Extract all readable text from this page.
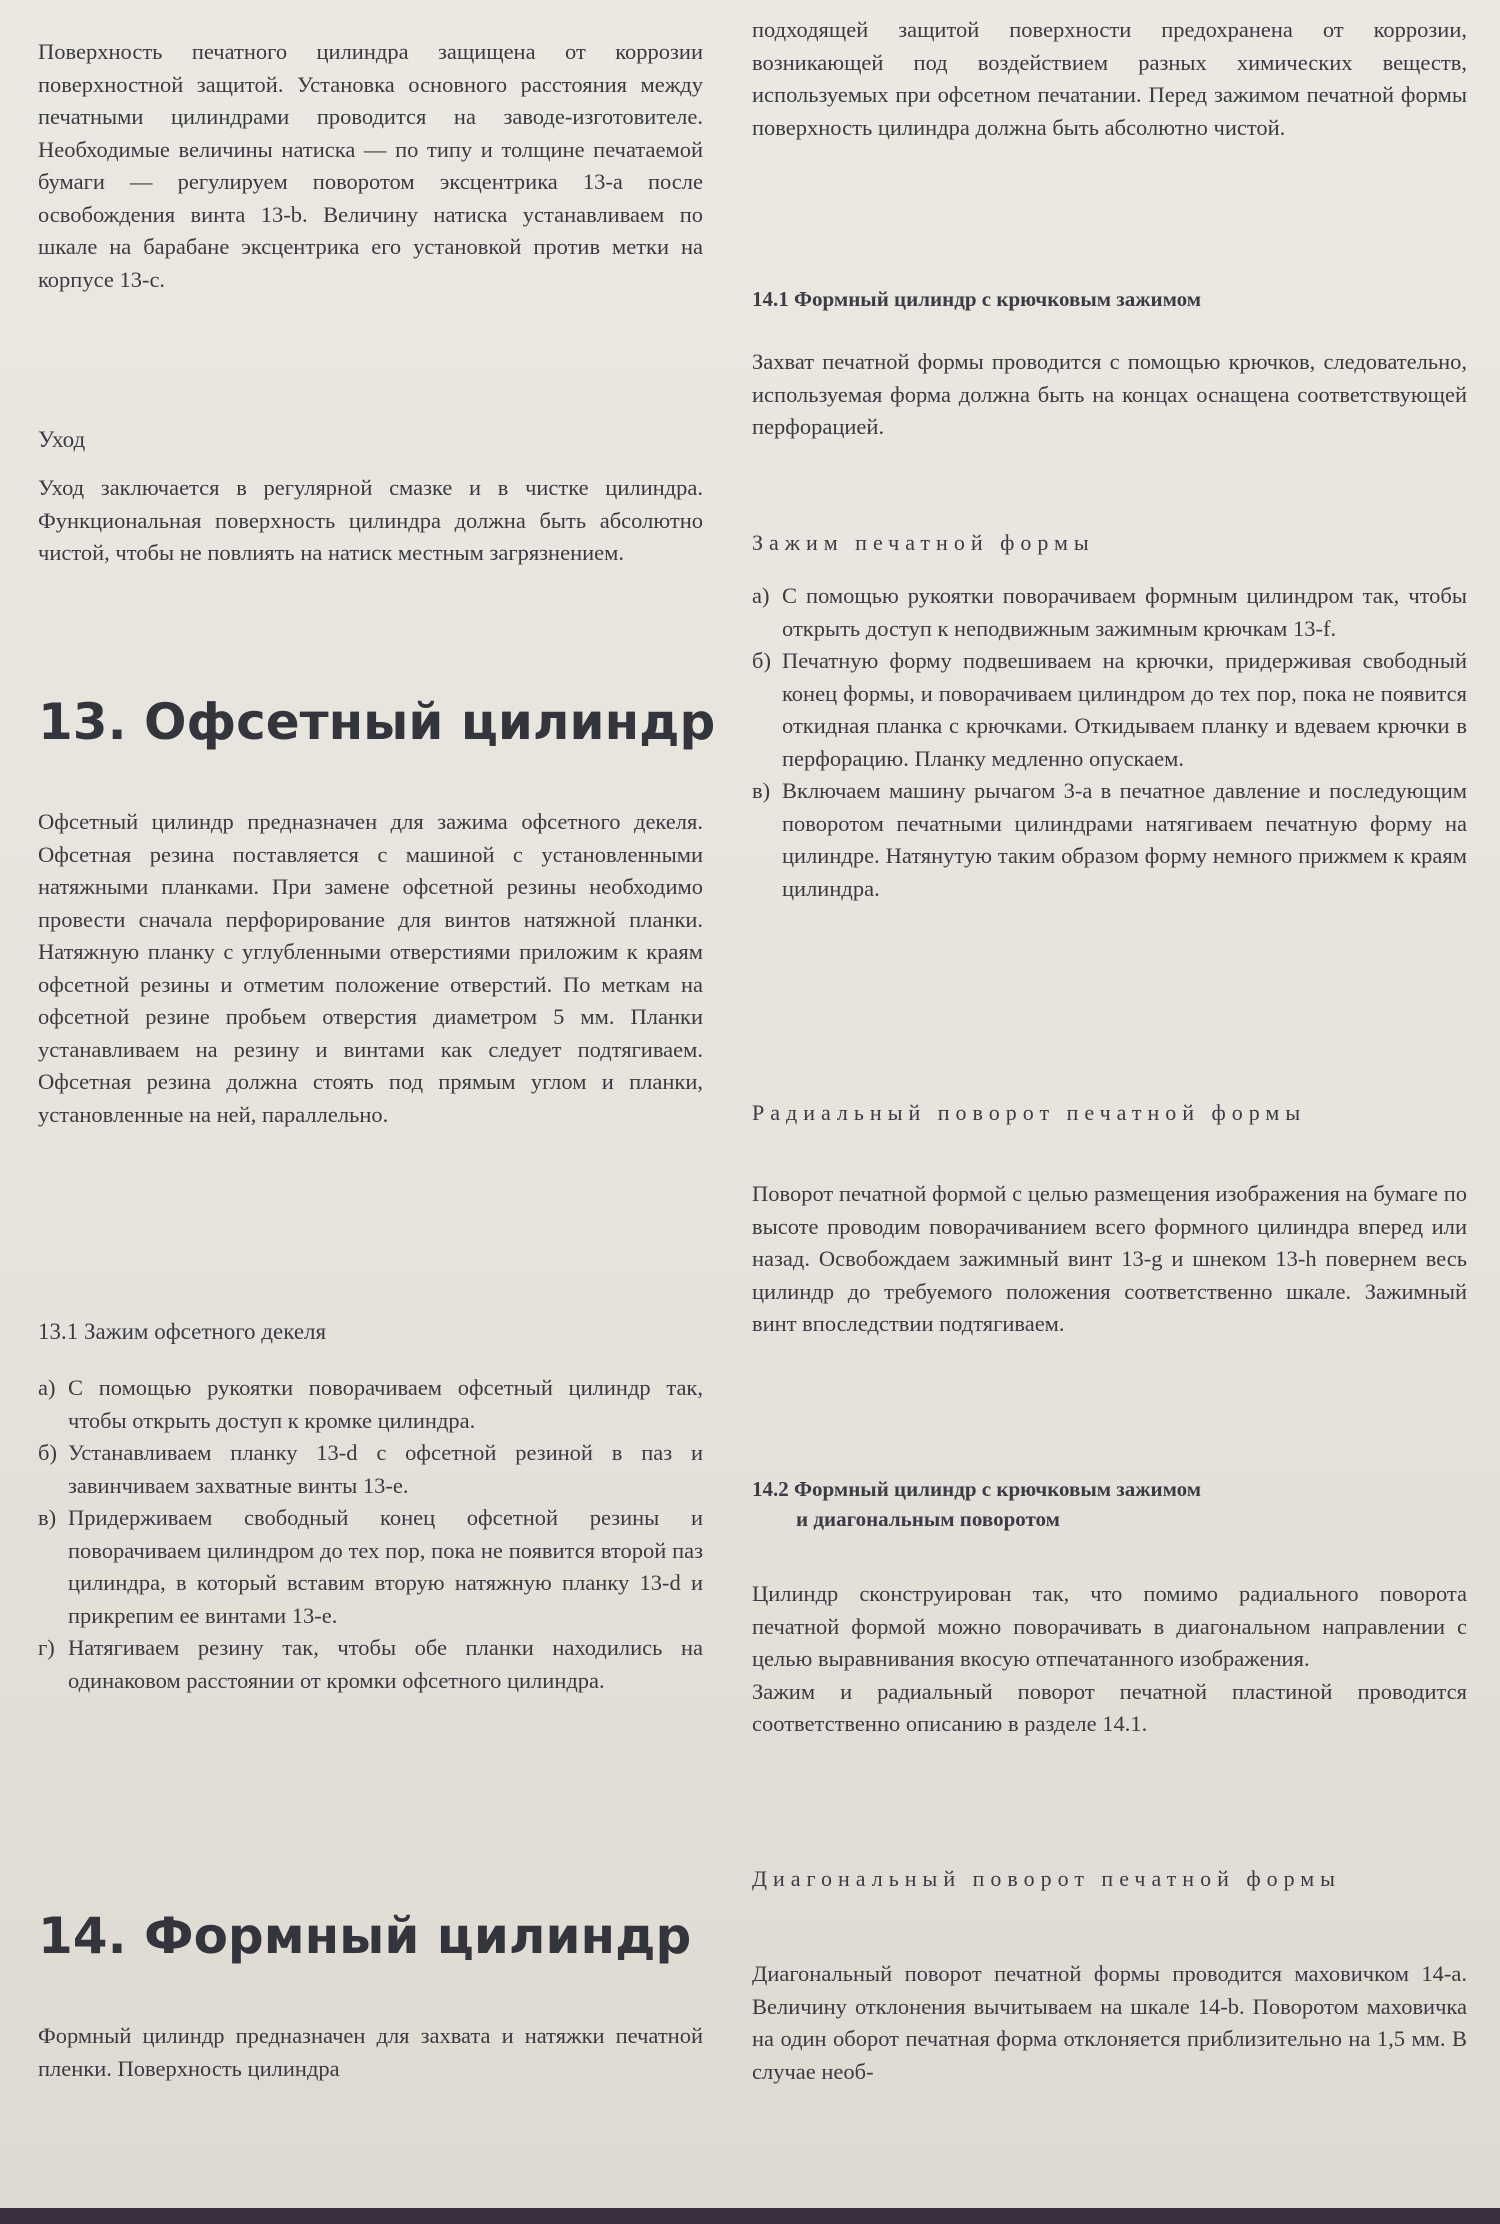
Поверхность печатного цилиндра защищена от коррозии поверхностной защитой. Установка основного расстояния между печатными цилиндрами проводится на заводе-изготовителе. Необходимые величины натиска — по типу и толщине печатаемой бумаги — регулируем поворотом эксцентрика 13-а после освобождения винта 13-b. Величину натиска устанавливаем по шкале на барабане эксцентрика его установкой против метки на корпусе 13-с.

Уход

Уход заключается в регулярной смазке и в чистке цилиндра. Функциональная поверхность цилиндра должна быть абсолютно чистой, чтобы не повлиять на натиск местным загрязнением.

13. Офсетный цилиндр

Офсетный цилиндр предназначен для зажима офсетного декеля. Офсетная резина поставляется с машиной с установленными натяжными планками. При замене офсетной резины необходимо провести сначала перфорирование для винтов натяжной планки. Натяжную планку с углубленными отверстиями приложим к краям офсетной резины и отметим положение отверстий. По меткам на офсетной резине пробьем отверстия диаметром 5 мм. Планки устанавливаем на резину и винтами как следует подтягиваем. Офсетная резина должна стоять под прямым углом и планки, установленные на ней, параллельно.

13.1 Зажим офсетного декеля
а) С помощью рукоятки поворачиваем офсетный цилиндр так, чтобы открыть доступ к кромке цилиндра.

б) Устанавливаем планку 13-d с офсетной резиной в паз и завинчиваем захватные винты 13-е.

в) Придерживаем свободный конец офсетной резины и поворачиваем цилиндром до тех пор, пока не появится второй паз цилиндра, в который вставим вторую натяжную планку 13-d и прикрепим ее винтами 13-е.

г) Натягиваем резину так, чтобы обе планки находились на одинаковом расстоянии от кромки офсетного цилиндра.

14. Формный цилиндр

Формный цилиндр предназначен для захвата и натяжки печатной пленки. Поверхность цилиндра

подходящей защитой поверхности предохранена от коррозии, возникающей под воздействием разных химических веществ, используемых при офсетном печатании. Перед зажимом печатной формы поверхность цилиндра должна быть абсолютно чистой.

14.1 Формный цилиндр с крючковым зажимом

Захват печатной формы проводится с помощью крючков, следовательно, используемая форма должна быть на концах оснащена соответствующей перфорацией.

Зажим печатной формы
а) С помощью рукоятки поворачиваем формным цилиндром так, чтобы открыть доступ к неподвижным зажимным крючкам 13-f.

б) Печатную форму подвешиваем на крючки, придерживая свободный конец формы, и поворачиваем цилиндром до тех пор, пока не появится откидная планка с крючками. Откидываем планку и вдеваем крючки в перфорацию. Планку медленно опускаем.

в) Включаем машину рычагом 3-а в печатное давление и последующим поворотом печатными цилиндрами натягиваем печатную форму на цилиндре. Натянутую таким образом форму немного прижмем к краям цилиндра.

Радиальный поворот печатной формы

Поворот печатной формой с целью размещения изображения на бумаге по высоте проводим поворачиванием всего формного цилиндра вперед или назад. Освобождаем зажимный винт 13-g и шнеком 13-h повернем весь цилиндр до требуемого положения соответственно шкале. Зажимный винт впоследствии подтягиваем.

14.2 Формный цилиндр с крючковым зажимом
и диагональным поворотом

Цилиндр сконструирован так, что помимо радиального поворота печатной формой можно поворачивать в диагональном направлении с целью выравнивания вкосую отпечатанного изображения.

Зажим и радиальный поворот печатной пластиной проводится соответственно описанию в разделе 14.1.

Диагональный поворот печатной формы

Диагональный поворот печатной формы проводится маховичком 14-а. Величину отклонения вычитываем на шкале 14-b. Поворотом маховичка на один оборот печатная форма отклоняется приблизительно на 1,5 мм. В случае необ-
